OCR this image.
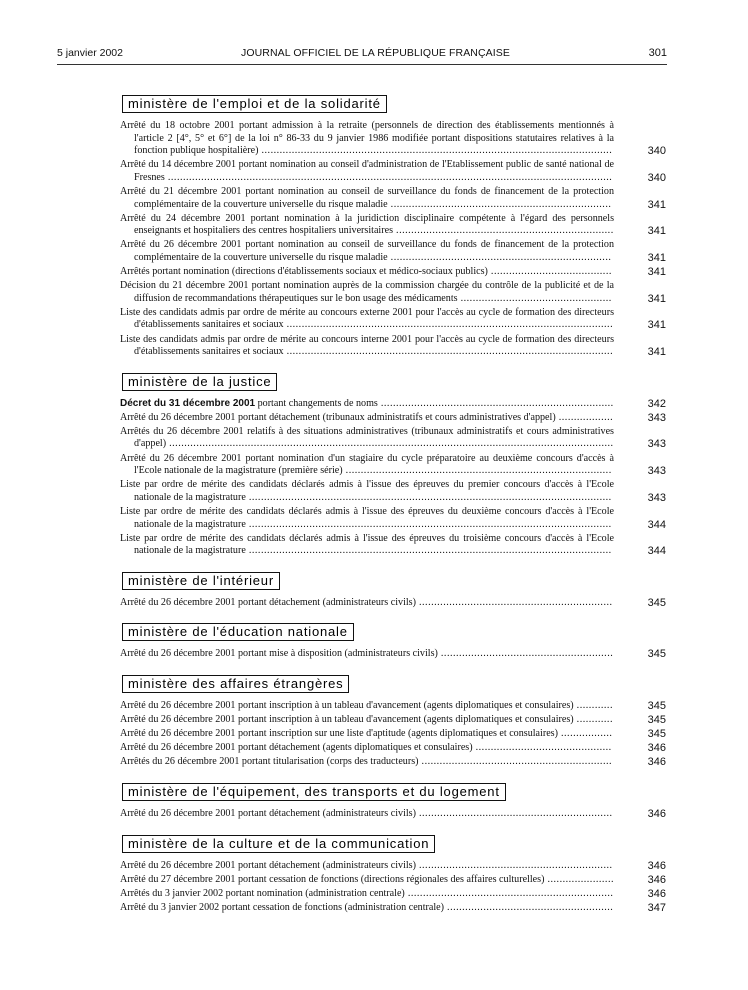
5 janvier 2002	JOURNAL OFFICIEL DE LA RÉPUBLIQUE FRANÇAISE	301
ministère de l'emploi et de la solidarité
Arrêté du 18 octobre 2001 portant admission à la retraite (personnels de direction des établissements mentionnés à l'article 2 [4°, 5° et 6°] de la loi n° 86-33 du 9 janvier 1986 modifiée portant dispositions statutaires relatives à la fonction publique hospitalière) ....................................................................................................................	340
Arrêté du 14 décembre 2001 portant nomination au conseil d'administration de l'Etablissement public de santé national de Fresnes ...................................................................................................................................................	340
Arrêté du 21 décembre 2001 portant nomination au conseil de surveillance du fonds de financement de la protection complémentaire de la couverture universelle du risque maladie .........................................................................	341
Arrêté du 24 décembre 2001 portant nomination à la juridiction disciplinaire compétente à l'égard des personnels enseignants et hospitaliers des centres hospitaliers universitaires ........................................................................	341
Arrêté du 26 décembre 2001 portant nomination au conseil de surveillance du fonds de financement de la protection complémentaire de la couverture universelle du risque maladie .........................................................................	341
Arrêtés portant nomination (directions d'établissements sociaux et médico-sociaux publics) ........................................	341
Décision du 21 décembre 2001 portant nomination auprès de la commission chargée du contrôle de la publicité et de la diffusion de recommandations thérapeutiques sur le bon usage des médicaments ..................................................	341
Liste des candidats admis par ordre de mérite au concours externe 2001 pour l'accès au cycle de formation des directeurs d'établissements sanitaires et sociaux ............................................................................................................	341
Liste des candidats admis par ordre de mérite au concours interne 2001 pour l'accès au cycle de formation des directeurs d'établissements sanitaires et sociaux ............................................................................................................	341
ministère de la justice
Décret du 31 décembre 2001 portant changements de noms .............................................................................	342
Arrêté du 26 décembre 2001 portant détachement (tribunaux administratifs et cours administratives d'appel) ..................	343
Arrêtés du 26 décembre 2001 relatifs à des situations administratives (tribunaux administratifs et cours administratives d'appel) ...................................................................................................................................................	343
Arrêté du 26 décembre 2001 portant nomination d'un stagiaire du cycle préparatoire au deuxième concours d'accès à l'Ecole nationale de la magistrature (première série) ........................................................................................	343
Liste par ordre de mérite des candidats déclarés admis à l'issue des épreuves du premier concours d'accès à l'Ecole nationale de la magistrature ........................................................................................................................	343
Liste par ordre de mérite des candidats déclarés admis à l'issue des épreuves du deuxième concours d'accès à l'Ecole nationale de la magistrature ........................................................................................................................	344
Liste par ordre de mérite des candidats déclarés admis à l'issue des épreuves du troisième concours d'accès à l'Ecole nationale de la magistrature ........................................................................................................................	344
ministère de l'intérieur
Arrêté du 26 décembre 2001 portant détachement (administrateurs civils) ................................................................	345
ministère de l'éducation nationale
Arrêté du 26 décembre 2001 portant mise à disposition (administrateurs civils) .........................................................	345
ministère des affaires étrangères
Arrêté du 26 décembre 2001 portant inscription à un tableau d'avancement (agents diplomatiques et consulaires) ............	345
Arrêté du 26 décembre 2001 portant inscription à un tableau d'avancement (agents diplomatiques et consulaires) ............	345
Arrêté du 26 décembre 2001 portant inscription sur une liste d'aptitude (agents diplomatiques et consulaires) .................	345
Arrêté du 26 décembre 2001 portant détachement (agents diplomatiques et consulaires) .............................................	346
Arrêtés du 26 décembre 2001 portant titularisation (corps des traducteurs) ...............................................................	346
ministère de l'équipement, des transports et du logement
Arrêté du 26 décembre 2001 portant détachement (administrateurs civils) ................................................................	346
ministère de la culture et de la communication
Arrêté du 26 décembre 2001 portant détachement (administrateurs civils) ................................................................	346
Arrêté du 27 décembre 2001 portant cessation de fonctions (directions régionales des affaires culturelles) ......................	346
Arrêtés du 3 janvier 2002 portant nomination (administration centrale) ....................................................................	346
Arrêté du 3 janvier 2002 portant cessation de fonctions (administration centrale) .......................................................	347
